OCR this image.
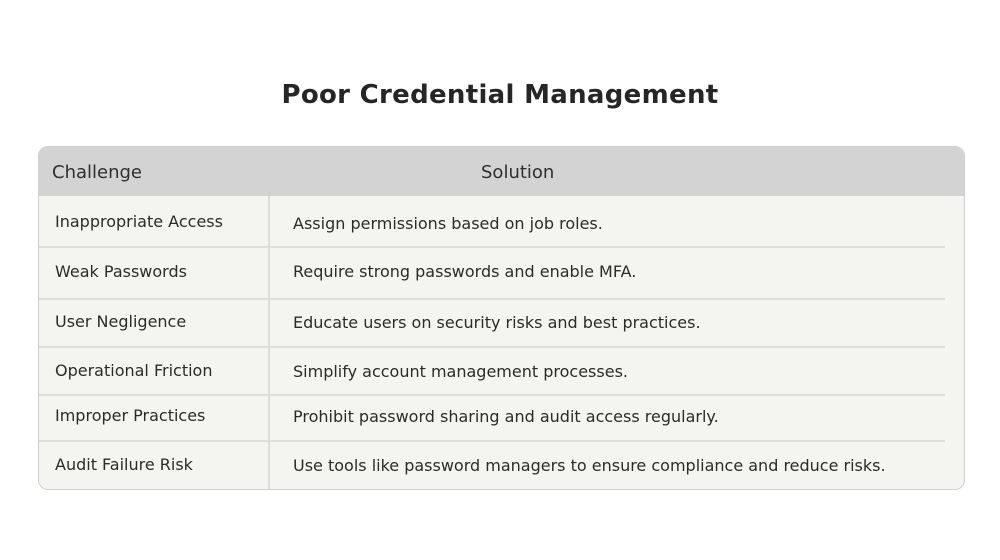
Poor Credential Management
Challenge	Solution
Inappropriate Access	Assign permissions based on job roles.
Weak Passwords	Require strong passwords and enable MFA.
User Negligence	Educate users on security risks and best practices.
Operational Friction	Simplify account management processes.
Improper Practices	Prohibit password sharing and audit access regularly.
Audit Failure Risk	Use tools like password managers to ensure compliance and reduce risks.
